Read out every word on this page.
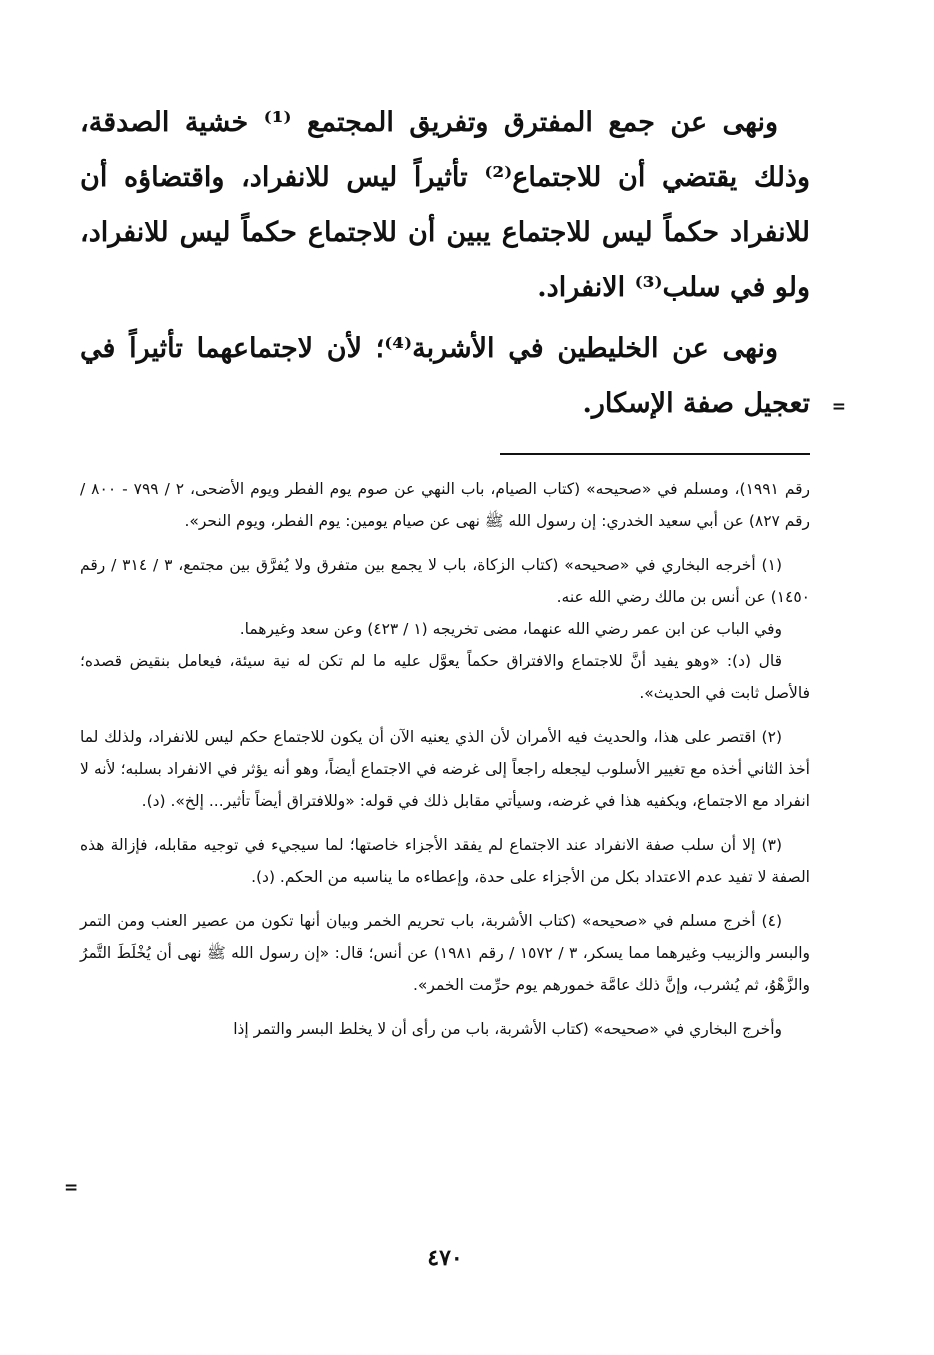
ونهى عن جمع المفترق وتفريق المجتمع ⁽¹⁾ خشية الصدقة، وذلك يقتضي أن للاجتماع⁽²⁾ تأثيراً ليس للانفراد، واقتضاؤه أن للانفراد حكماً ليس للاجتماع يبين أن للاجتماع حكماً ليس للانفراد، ولو في سلب⁽³⁾ الانفراد.

ونهى عن الخليطين في الأشربة⁽⁴⁾؛ لأن لاجتماعهما تأثيراً في تعجيل صفة الإسكار.

رقم ١٩٩١)، ومسلم في «صحيحه» (كتاب الصيام، باب النهي عن صوم يوم الفطر ويوم الأضحى، ٢ / ٧٩٩ - ٨٠٠ / رقم ٨٢٧) عن أبي سعيد الخدري: إن رسول الله ﷺ نهى عن صيام يومين: يوم الفطر، ويوم النحر».

(١) أخرجه البخاري في «صحيحه» (كتاب الزكاة، باب لا يجمع بين متفرق ولا يُفرَّق بين مجتمع، ٣ / ٣١٤ / رقم ١٤٥٠) عن أنس بن مالك رضي الله عنه.

وفي الباب عن ابن عمر رضي الله عنهما، مضى تخريجه (١ / ٤٢٣) وعن سعد وغيرهما.

قال (د): «وهو يفيد أنَّ للاجتماع والافتراق حكماً يعوَّل عليه ما لم تكن له نية سيئة، فيعامل بنقيض قصده؛ فالأصل ثابت في الحديث».

(٢) اقتصر على هذا، والحديث فيه الأمران لأن الذي يعنيه الآن أن يكون للاجتماع حكم ليس للانفراد، ولذلك لما أخذ الثاني أخذه مع تغيير الأسلوب ليجعله راجعاً إلى غرضه في الاجتماع أيضاً، وهو أنه يؤثر في الانفراد بسلبه؛ لأنه لا انفراد مع الاجتماع، ويكفيه هذا في غرضه، وسيأتي مقابل ذلك في قوله: «وللافتراق أيضاً تأثير... إلخ». (د).

(٣) إلا أن سلب صفة الانفراد عند الاجتماع لم يفقد الأجزاء خاصتها؛ لما سيجيء في توجيه مقابله، فإزالة هذه الصفة لا تفيد عدم الاعتداد بكل من الأجزاء على حدة، وإعطاءه ما يناسبه من الحكم. (د).

(٤) أخرج مسلم في «صحيحه» (كتاب الأشربة، باب تحريم الخمر وبيان أنها تكون من عصير العنب ومن التمر والبسر والزبيب وغيرهما مما يسكر، ٣ / ١٥٧٢ / رقم ١٩٨١) عن أنس؛ قال: «إن رسول الله ﷺ نهى أن يُخْلَطَ التَّمرُ والزَّهْوُ، ثم يُشرب، وإنَّ ذلك عامَّة خمورهم يوم حرِّمت الخمر».

وأخرج البخاري في «صحيحه» (كتاب الأشربة، باب من رأى أن لا يخلط البسر والتمر إذا

=
=
٤٧٠
